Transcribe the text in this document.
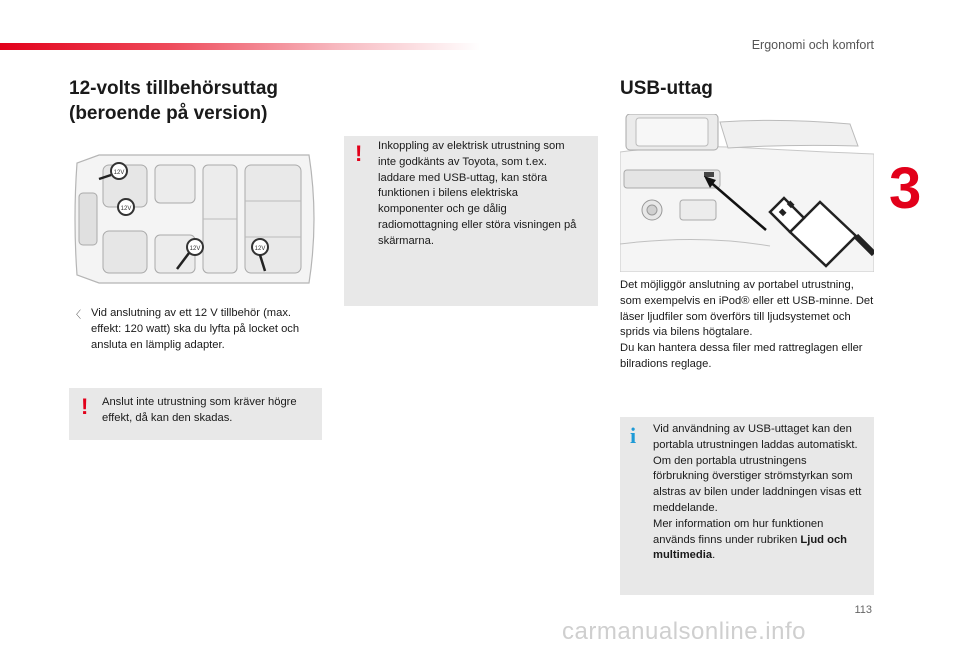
Ergonomi och komfort
3
12-volts tillbehörsuttag
(beroende på version)
12V
12V
12V	12V
〈 Vid anslutning av ett 12 V tillbehör (max. effekt: 120 watt) ska du lyfta på locket och ansluta en lämplig adapter.
! Anslut inte utrustning som kräver högre effekt, då kan den skadas.
! Inkoppling av elektrisk utrustning som inte godkänts av Toyota, som t.ex. laddare med USB-uttag, kan störa funktionen i bilens elektriska komponenter och ge dålig radiomottagning eller störa visningen på skärmarna.
USB-uttag

Det möjliggör anslutning av portabel utrustning, som exempelvis en iPod® eller ett USB-minne. Det läser ljudfiler som överförs till ljudsystemet och sprids via bilens högtalare.

Du kan hantera dessa filer med rattreglagen eller bilradions reglage.

i Vid användning av USB-uttaget kan den portabla utrustningen laddas automatiskt.

Om den portabla utrustningens förbrukning överstiger strömstyrkan som alstras av bilen under laddningen visas ett meddelande.

Mer information om hur funktionen används finns under rubriken Ljud och multimedia.

113
carmanualsonline.info
